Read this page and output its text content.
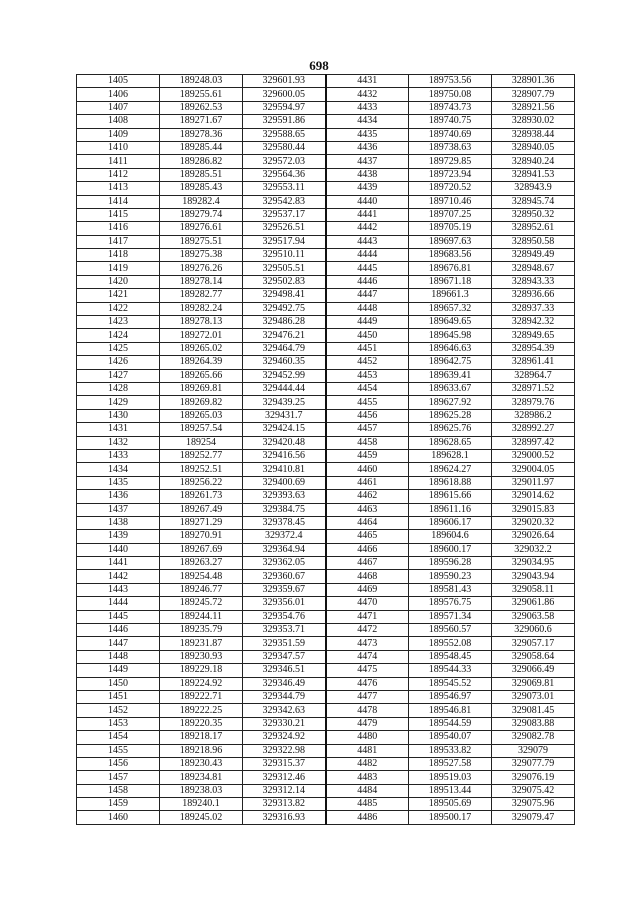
698
1405	189248.03	329601.93	4431	189753.56	328901.36
1406	189255.61	329600.05	4432	189750.08	328907.79
1407	189262.53	329594.97	4433	189743.73	328921.56
1408	189271.67	329591.86	4434	189740.75	328930.02
1409	189278.36	329588.65	4435	189740.69	328938.44
1410	189285.44	329580.44	4436	189738.63	328940.05
1411	189286.82	329572.03	4437	189729.85	328940.24
1412	189285.51	329564.36	4438	189723.94	328941.53
1413	189285.43	329553.11	4439	189720.52	328943.9
1414	189282.4	329542.83	4440	189710.46	328945.74
1415	189279.74	329537.17	4441	189707.25	328950.32
1416	189276.61	329526.51	4442	189705.19	328952.61
1417	189275.51	329517.94	4443	189697.63	328950.58
1418	189275.38	329510.11	4444	189683.56	328949.49
1419	189276.26	329505.51	4445	189676.81	328948.67
1420	189278.14	329502.83	4446	189671.18	328943.33
1421	189282.77	329498.41	4447	189661.3	328936.66
1422	189282.24	329492.75	4448	189657.32	328937.33
1423	189278.13	329486.28	4449	189649.65	328942.32
1424	189272.01	329476.21	4450	189645.98	328949.65
1425	189265.02	329464.79	4451	189646.63	328954.39
1426	189264.39	329460.35	4452	189642.75	328961.41
1427	189265.66	329452.99	4453	189639.41	328964.7
1428	189269.81	329444.44	4454	189633.67	328971.52
1429	189269.82	329439.25	4455	189627.92	328979.76
1430	189265.03	329431.7	4456	189625.28	328986.2
1431	189257.54	329424.15	4457	189625.76	328992.27
1432	189254	329420.48	4458	189628.65	328997.42
1433	189252.77	329416.56	4459	189628.1	329000.52
1434	189252.51	329410.81	4460	189624.27	329004.05
1435	189256.22	329400.69	4461	189618.88	329011.97
1436	189261.73	329393.63	4462	189615.66	329014.62
1437	189267.49	329384.75	4463	189611.16	329015.83
1438	189271.29	329378.45	4464	189606.17	329020.32
1439	189270.91	329372.4	4465	189604.6	329026.64
1440	189267.69	329364.94	4466	189600.17	329032.2
1441	189263.27	329362.05	4467	189596.28	329034.95
1442	189254.48	329360.67	4468	189590.23	329043.94
1443	189246.77	329359.67	4469	189581.43	329058.11
1444	189245.72	329356.01	4470	189576.75	329061.86
1445	189244.11	329354.76	4471	189571.34	329063.58
1446	189235.79	329353.71	4472	189560.57	329060.6
1447	189231.87	329351.59	4473	189552.08	329057.17
1448	189230.93	329347.57	4474	189548.45	329058.64
1449	189229.18	329346.51	4475	189544.33	329066.49
1450	189224.92	329346.49	4476	189545.52	329069.81
1451	189222.71	329344.79	4477	189546.97	329073.01
1452	189222.25	329342.63	4478	189546.81	329081.45
1453	189220.35	329330.21	4479	189544.59	329083.88
1454	189218.17	329324.92	4480	189540.07	329082.78
1455	189218.96	329322.98	4481	189533.82	329079
1456	189230.43	329315.37	4482	189527.58	329077.79
1457	189234.81	329312.46	4483	189519.03	329076.19
1458	189238.03	329312.14	4484	189513.44	329075.42
1459	189240.1	329313.82	4485	189505.69	329075.96
1460	189245.02	329316.93	4486	189500.17	329079.47
